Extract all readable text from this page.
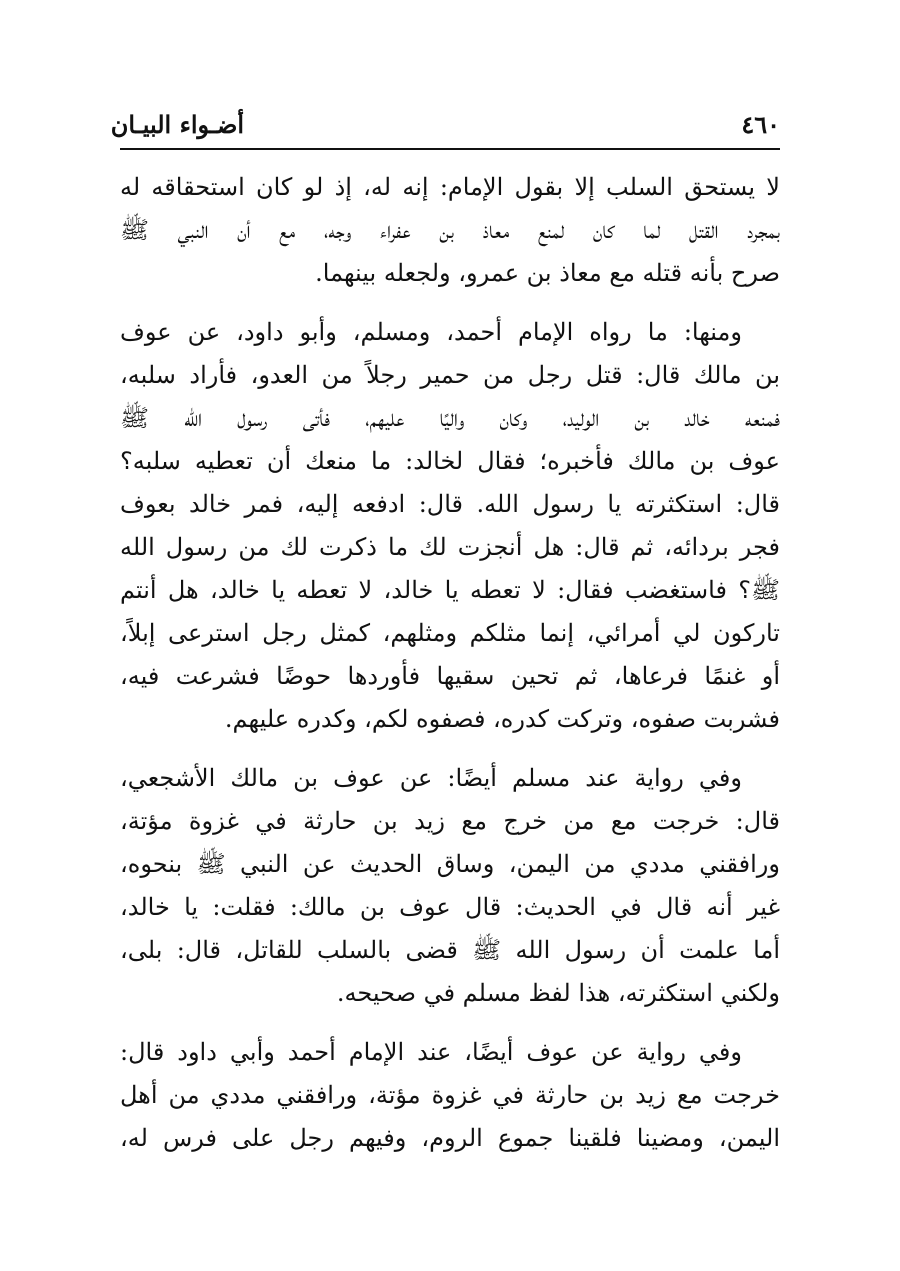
أضـواء البيـان	٤٦٠

لا يستحق السلب إلا بقول الإمام: إنه له، إذ لو كان استحقاقه له
بمجرد القتل لما كان لمنع معاذ بن عفراء وجه، مع أن النبي ﷺ
صرح بأنه قتله مع معاذ بن عمرو، ولجعله بينهما.

ومنها: ما رواه الإمام أحمد، ومسلم، وأبو داود، عن عوف
بن مالك قال: قتل رجل من حمير رجلاً من العدو، فأراد سلبه،
فمنعه خالد بن الوليد، وكان واليًا عليهم، فأتى رسول الله ﷺ
عوف بن مالك فأخبره؛ فقال لخالد: ما منعك أن تعطيه سلبه؟
قال: استكثرته يا رسول الله. قال: ادفعه إليه، فمر خالد بعوف
فجر بردائه، ثم قال: هل أنجزت لك ما ذكرت لك من رسول الله
ﷺ؟ فاستغضب فقال: لا تعطه يا خالد، لا تعطه يا خالد، هل أنتم
تاركون لي أمرائي، إنما مثلكم ومثلهم، كمثل رجل استرعى إبلاً،
أو غنمًا فرعاها، ثم تحين سقيها فأوردها حوضًا فشرعت فيه،
فشربت صفوه، وتركت كدره، فصفوه لكم، وكدره عليهم.

وفي رواية عند مسلم أيضًا: عن عوف بن مالك الأشجعي،
قال: خرجت مع من خرج مع زيد بن حارثة في غزوة مؤتة،
ورافقني مددي من اليمن، وساق الحديث عن النبي ﷺ بنحوه،
غير أنه قال في الحديث: قال عوف بن مالك: فقلت: يا خالد،
أما علمت أن رسول الله ﷺ قضى بالسلب للقاتل، قال: بلى،
ولكني استكثرته، هذا لفظ مسلم في صحيحه.

وفي رواية عن عوف أيضًا، عند الإمام أحمد وأبي داود قال:
خرجت مع زيد بن حارثة في غزوة مؤتة، ورافقني مددي من أهل
اليمن، ومضينا فلقينا جموع الروم، وفيهم رجل على فرس له،
